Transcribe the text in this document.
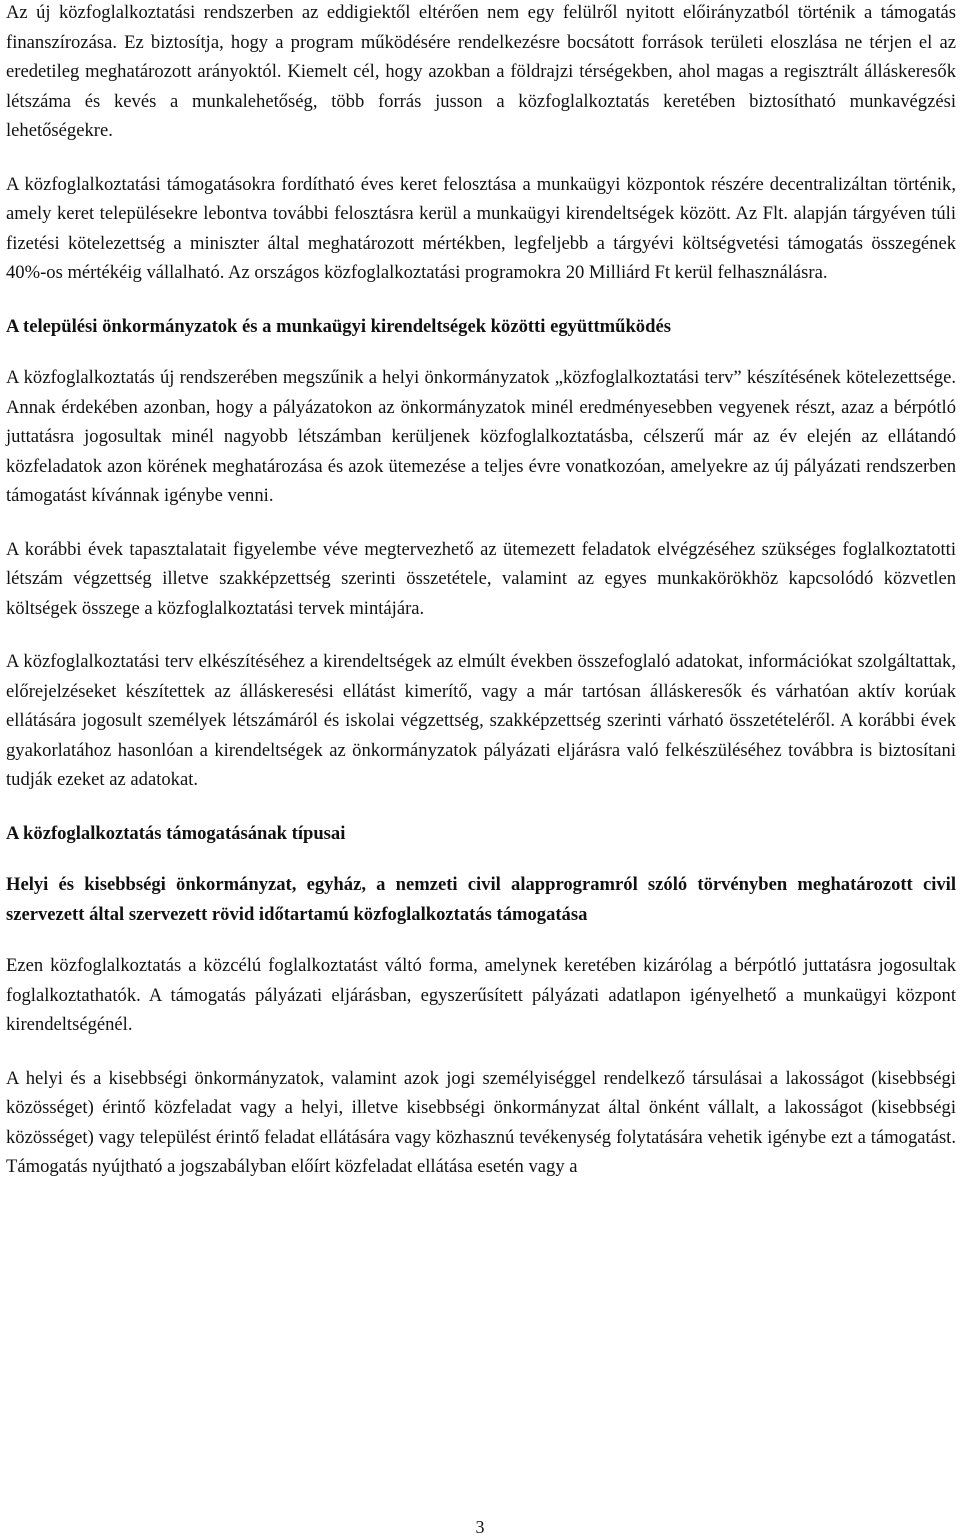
Az új közfoglalkoztatási rendszerben az eddigiektől eltérően nem egy felülről nyitott előirányzatból történik a támogatás finanszírozása. Ez biztosítja, hogy a program működésére rendelkezésre bocsátott források területi eloszlása ne térjen el az eredetileg meghatározott arányoktól. Kiemelt cél, hogy azokban a földrajzi térségekben, ahol magas a regisztrált álláskeresők létszáma és kevés a munkalehetőség, több forrás jusson a közfoglalkoztatás keretében biztosítható munkavégzési lehetőségekre.

A közfoglalkoztatási támogatásokra fordítható éves keret felosztása a munkaügyi központok részére decentralizáltan történik, amely keret településekre lebontva további felosztásra kerül a munkaügyi kirendeltségek között. Az Flt. alapján tárgyéven túli fizetési kötelezettség a miniszter által meghatározott mértékben, legfeljebb a tárgyévi költségvetési támogatás összegének 40%-os mértékéig vállalható. Az országos közfoglalkoztatási programokra 20 Milliárd Ft kerül felhasználásra.

A települési önkormányzatok és a munkaügyi kirendeltségek közötti együttműködés

A közfoglalkoztatás új rendszerében megszűnik a helyi önkormányzatok „közfoglalkoztatási terv” készítésének kötelezettsége. Annak érdekében azonban, hogy a pályázatokon az önkormányzatok minél eredményesebben vegyenek részt, azaz a bérpótló juttatásra jogosultak minél nagyobb létszámban kerüljenek közfoglalkoztatásba, célszerű már az év elején az ellátandó közfeladatok azon körének meghatározása és azok ütemezése a teljes évre vonatkozóan, amelyekre az új pályázati rendszerben támogatást kívánnak igénybe venni.

A korábbi évek tapasztalatait figyelembe véve megtervezhető az ütemezett feladatok elvégzéséhez szükséges foglalkoztatotti létszám végzettség illetve szakképzettség szerinti összetétele, valamint az egyes munkakörökhöz kapcsolódó közvetlen költségek összege a közfoglalkoztatási tervek mintájára.

A közfoglalkoztatási terv elkészítéséhez a kirendeltségek az elmúlt években összefoglaló adatokat, információkat szolgáltattak, előrejelzéseket készítettek az álláskeresési ellátást kimerítő, vagy a már tartósan álláskeresők és várhatóan aktív korúak ellátására jogosult személyek létszámáról és iskolai végzettség, szakképzettség szerinti várható összetételéről. A korábbi évek gyakorlatához hasonlóan a kirendeltségek az önkormányzatok pályázati eljárásra való felkészüléséhez továbbra is biztosítani tudják ezeket az adatokat.

A közfoglalkoztatás támogatásának típusai

Helyi és kisebbségi önkormányzat, egyház, a nemzeti civil alapprogramról szóló törvényben meghatározott civil szervezett által szervezett rövid időtartamú közfoglalkoztatás támogatása

Ezen közfoglalkoztatás a közcélú foglalkoztatást váltó forma, amelynek keretében kizárólag a bérpótló juttatásra jogosultak foglalkoztathatók. A támogatás pályázati eljárásban, egyszerűsített pályázati adatlapon igényelhető a munkaügyi központ kirendeltségénél.

A helyi és a kisebbségi önkormányzatok, valamint azok jogi személyiséggel rendelkező társulásai a lakosságot (kisebbségi közösséget) érintő közfeladat vagy a helyi, illetve kisebbségi önkormányzat által önként vállalt, a lakosságot (kisebbségi közösséget) vagy települést érintő feladat ellátására vagy közhasznú tevékenység folytatására vehetik igénybe ezt a támogatást. Támogatás nyújtható a jogszabályban előírt közfeladat ellátása esetén vagy a

3
